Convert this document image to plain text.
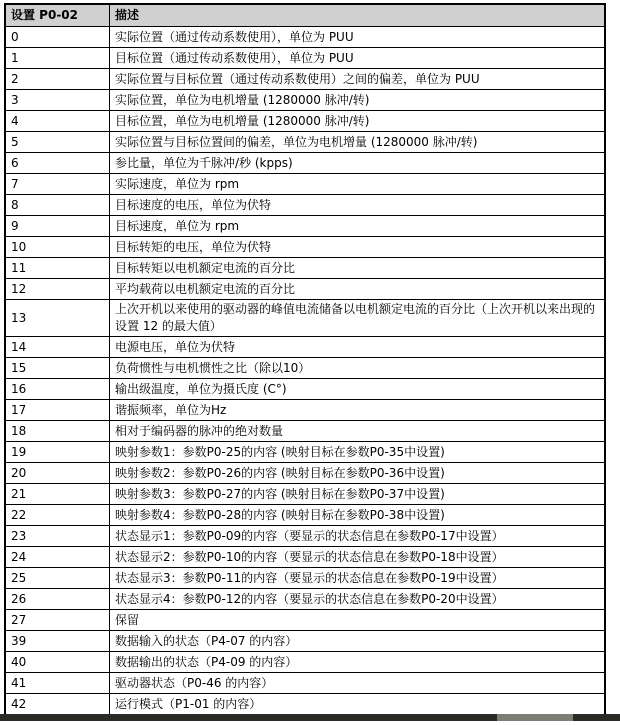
设置 P0-02	描述
0	实际位置（通过传动系数使用），单位为 PUU
1	目标位置（通过传动系数使用），单位为 PUU
2	实际位置与目标位置（通过传动系数使用）之间的偏差，单位为 PUU
3	实际位置，单位为电机增量 (1280000 脉冲/转)
4	目标位置，单位为电机增量 (1280000 脉冲/转)
5	实际位置与目标位置间的偏差，单位为电机增量 (1280000 脉冲/转)
6	参比量，单位为千脉冲/秒 (kpps)
7	实际速度，单位为 rpm
8	目标速度的电压，单位为伏特
9	目标速度，单位为 rpm
10	目标转矩的电压，单位为伏特
11	目标转矩以电机额定电流的百分比
12	平均载荷以电机额定电流的百分比
13	上次开机以来使用的驱动器的峰值电流储备以电机额定电流的百分比（上次开机以来出现的设置 12 的最大值）
14	电源电压，单位为伏特
15	负荷惯性与电机惯性之比（除以10）
16	输出级温度，单位为摄氏度 (C°)
17	谐振频率，单位为Hz
18	相对于编码器的脉冲的绝对数量
19	映射参数1：参数P0-25的内容 (映射目标在参数P0-35中设置)
20	映射参数2：参数P0-26的内容 (映射目标在参数P0-36中设置)
21	映射参数3：参数P0-27的内容 (映射目标在参数P0-37中设置)
22	映射参数4：参数P0-28的内容 (映射目标在参数P0-38中设置)
23	状态显示1：参数P0-09的内容（要显示的状态信息在参数P0-17中设置）
24	状态显示2：参数P0-10的内容（要显示的状态信息在参数P0-18中设置）
25	状态显示3：参数P0-11的内容（要显示的状态信息在参数P0-19中设置）
26	状态显示4：参数P0-12的内容（要显示的状态信息在参数P0-20中设置）
27	保留
39	数据输入的状态（P4-07 的内容）
40	数据输出的状态（P4-09 的内容）
41	驱动器状态（P0-46 的内容）
42	运行模式（P1-01 的内容）
